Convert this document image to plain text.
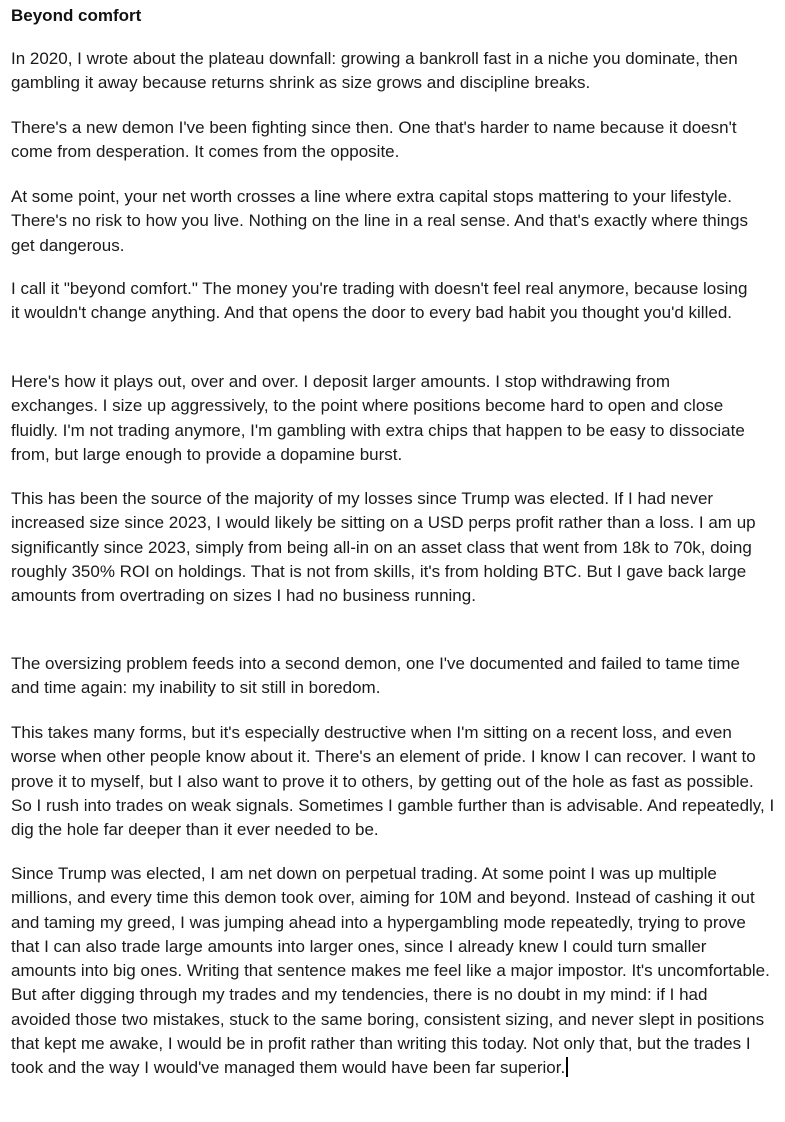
Beyond comfort

In 2020, I wrote about the plateau downfall: growing a bankroll fast in a niche you dominate, then gambling it away because returns shrink as size grows and discipline breaks.

There's a new demon I've been fighting since then. One that's harder to name because it doesn't come from desperation. It comes from the opposite.

At some point, your net worth crosses a line where extra capital stops mattering to your lifestyle. There's no risk to how you live. Nothing on the line in a real sense. And that's exactly where things get dangerous.

I call it "beyond comfort." The money you're trading with doesn't feel real anymore, because losing it wouldn't change anything. And that opens the door to every bad habit you thought you'd killed.

Here's how it plays out, over and over. I deposit larger amounts. I stop withdrawing from exchanges. I size up aggressively, to the point where positions become hard to open and close fluidly. I'm not trading anymore, I'm gambling with extra chips that happen to be easy to dissociate from, but large enough to provide a dopamine burst.

This has been the source of the majority of my losses since Trump was elected. If I had never increased size since 2023, I would likely be sitting on a USD perps profit rather than a loss. I am up significantly since 2023, simply from being all-in on an asset class that went from 18k to 70k, doing roughly 350% ROI on holdings. That is not from skills, it's from holding BTC. But I gave back large amounts from overtrading on sizes I had no business running.

The oversizing problem feeds into a second demon, one I've documented and failed to tame time and time again: my inability to sit still in boredom.

This takes many forms, but it's especially destructive when I'm sitting on a recent loss, and even worse when other people know about it. There's an element of pride. I know I can recover. I want to prove it to myself, but I also want to prove it to others, by getting out of the hole as fast as possible. So I rush into trades on weak signals. Sometimes I gamble further than is advisable. And repeatedly, I dig the hole far deeper than it ever needed to be.

Since Trump was elected, I am net down on perpetual trading. At some point I was up multiple millions, and every time this demon took over, aiming for 10M and beyond. Instead of cashing it out and taming my greed, I was jumping ahead into a hypergambling mode repeatedly, trying to prove that I can also trade large amounts into larger ones, since I already knew I could turn smaller amounts into big ones. Writing that sentence makes me feel like a major impostor. It's uncomfortable. But after digging through my trades and my tendencies, there is no doubt in my mind: if I had avoided those two mistakes, stuck to the same boring, consistent sizing, and never slept in positions that kept me awake, I would be in profit rather than writing this today. Not only that, but the trades I took and the way I would've managed them would have been far superior.
